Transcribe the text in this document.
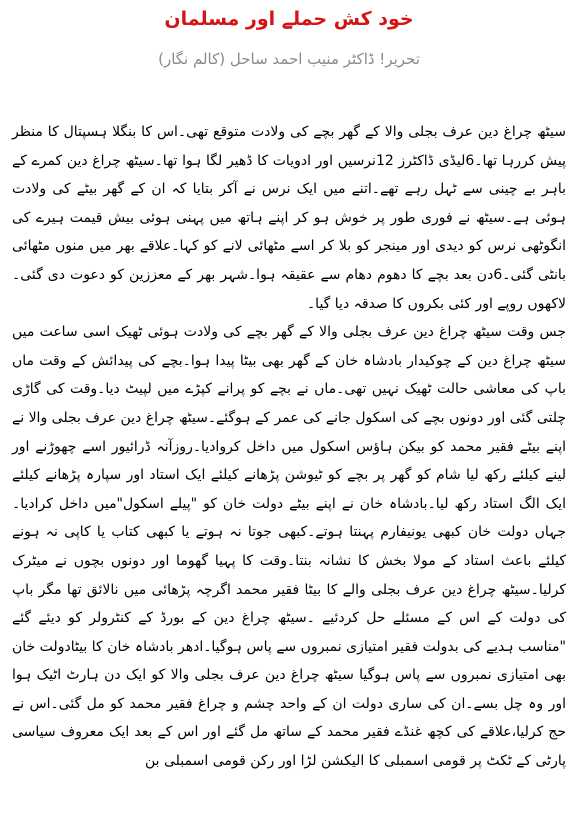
خود کش حملے اور مسلمان
تحریر! ڈاکٹر منیب احمد ساحل (کالم نگار)

سیٹھ چراغ دین عرف بجلی والا کے گھر بچے کی ولادت متوقع تھی۔اس کا بنگلا ہسپتال کا منظر پیش کررہا تھا۔6لیڈی ڈاکٹرز 12نرسیں اور ادویات کا ڈھیر لگا ہوا تھا۔سیٹھ چراغ دین کمرے کے باہر بے چینی سے ٹہل رہے تھے۔اتنے میں ایک نرس نے آکر بتایا کہ ان کے گھر بیٹے کی ولادت ہوئی ہے۔سیٹھ نے فوری طور پر خوش ہو کر اپنے ہاتھ میں پہنی ہوئی بیش قیمت ہیرے کی انگوٹھی نرس کو دیدی اور مینجر کو بلا کر اسے مٹھائی لانے کو کہا۔علاقے بھر میں منوں مٹھائی بانٹی گئی۔6دن بعد بچے کا دھوم دھام سے عقیقہ ہوا۔شہر بھر کے معززین کو دعوت دی گئی۔لاکھوں روپے اور کئی بکروں کا صدقہ دیا گیا۔

جس وقت سیٹھ چراغ دین عرف بجلی والا کے گھر بچے کی ولادت ہوئی ٹھیک اسی ساعت میں سیٹھ چراغ دین کے چوکیدار بادشاہ خان کے گھر بھی بیٹا پیدا ہوا۔بچے کی پیدائش کے وقت ماں باپ کی معاشی حالت ٹھیک نہیں تھی۔ماں نے بچے کو پرانے کپڑے میں لپیٹ دیا۔وقت کی گاڑی چلتی گئی اور دونوں بچے کی اسکول جانے کی عمر کے ہوگئے۔سیٹھ چراغ دین عرف بجلی والا نے اپنے بیٹے فقیر محمد کو بیکن ہاؤس اسکول میں داخل کروادیا۔روزآنہ ڈرائیور اسے چھوڑنے اور لینے کیلئے رکھ لیا شام کو گھر پر بچے کو ٹیوشن پڑھانے کیلئے ایک استاد اور سپارہ پڑھانے کیلئے ایک الگ استاد رکھ لیا۔بادشاہ خان نے اپنے بیٹے دولت خان کو "پیلے اسکول"میں داخل کرادیا۔جہاں دولت خان کبھی یونیفارم پہنتا ہوتے۔کبھی جوتا نہ ہوتے یا کبھی کتاب یا کاپی نہ ہونے کیلئے باعث استاد کے مولا بخش کا نشانہ بنتا۔وقت کا پہیا گھوما اور دونوں بچوں نے میٹرک کرلیا۔سیٹھ چراغ دین عرف بجلی والے کا بیٹا فقیر محمد اگرچہ پڑھائی میں نالائق تھا مگر باپ کی دولت کے اس کے مسئلے حل کردئیے ۔سیٹھ چراغ دین کے بورڈ کے کنٹرولر کو دیئے گئے "مناسب ہدیے کی بدولت فقیر امتیازی نمبروں سے پاس ہوگیا۔ادھر بادشاہ خان کا بیٹادولت خان بھی امتیازی نمبروں سے پاس ہوگیا سیٹھ چراغ دین عرف بجلی والا کو ایک دن ہارٹ اٹیک ہوا اور وہ چل بسے۔ان کی ساری دولت ان کے واحد چشم و چراغ فقیر محمد کو مل گئی۔اس نے حج کرلیا،علاقے کی کچھ غنڈے فقیر محمد کے ساتھ مل گئے اور اس کے بعد ایک معروف سیاسی پارٹی کے ٹکٹ پر قومی اسمبلی کا الیکشن لڑا اور رکن قومی اسمبلی بن
